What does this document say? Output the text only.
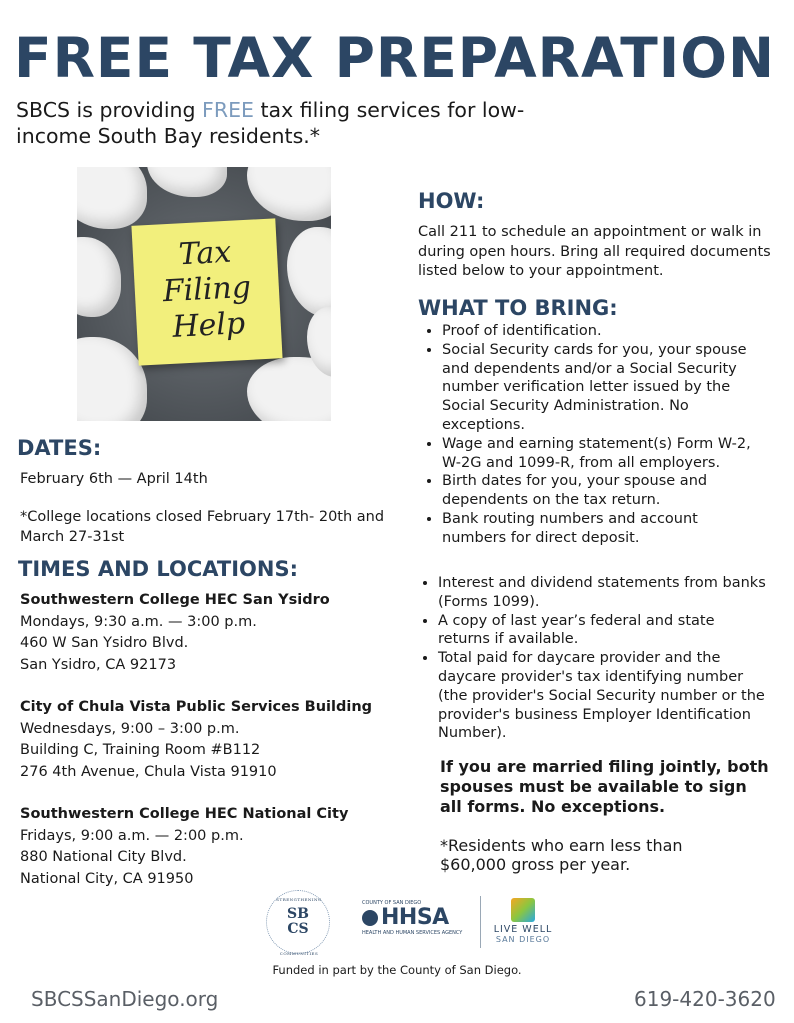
FREE TAX PREPARATION
SBCS is providing FREE tax filing services for low-income South Bay residents.*
Tax
Filing
Help
DATES:
February 6th — April 14th
*College locations closed February 17th- 20th and March 27-31st
TIMES AND LOCATIONS:
Southwestern College HEC San Ysidro
Mondays, 9:30 a.m. — 3:00 p.m.
460 W San Ysidro Blvd.
San Ysidro, CA 92173
City of Chula Vista Public Services Building
Wednesdays, 9:00 – 3:00 p.m.
Building C, Training Room #B112
276 4th Avenue, Chula Vista 91910
Southwestern College HEC National City
Fridays, 9:00 a.m. — 2:00 p.m.
880 National City Blvd.
National City, CA 91950
HOW:
Call 211 to schedule an appointment or walk in during open hours. Bring all required documents listed below to your appointment.
WHAT TO BRING:
• Proof of identification.
• Social Security cards for you, your spouse and dependents and/or a Social Security number verification letter issued by the Social Security Administration. No exceptions.
• Wage and earning statement(s) Form W-2, W-2G and 1099-R, from all employers.
• Birth dates for you, your spouse and dependents on the tax return.
• Bank routing numbers and account numbers for direct deposit.
• Interest and dividend statements from banks (Forms 1099).
• A copy of last year’s federal and state returns if available.
• Total paid for daycare provider and the daycare provider's tax identifying number (the provider's Social Security number or the provider's business Employer Identification Number).
If you are married filing jointly, both spouses must be available to sign all forms. No exceptions.
*Residents who earn less than $60,000 gross per year.
SB
CS
STRENGTHENING
COMMUNITIES
COUNTY OF SAN DIEGO
HHSA
HEALTH AND HUMAN SERVICES AGENCY	LIVE WELL
SAN DIEGO
Funded in part by the County of San Diego.
SBCSSanDiego.org	619-420-3620
